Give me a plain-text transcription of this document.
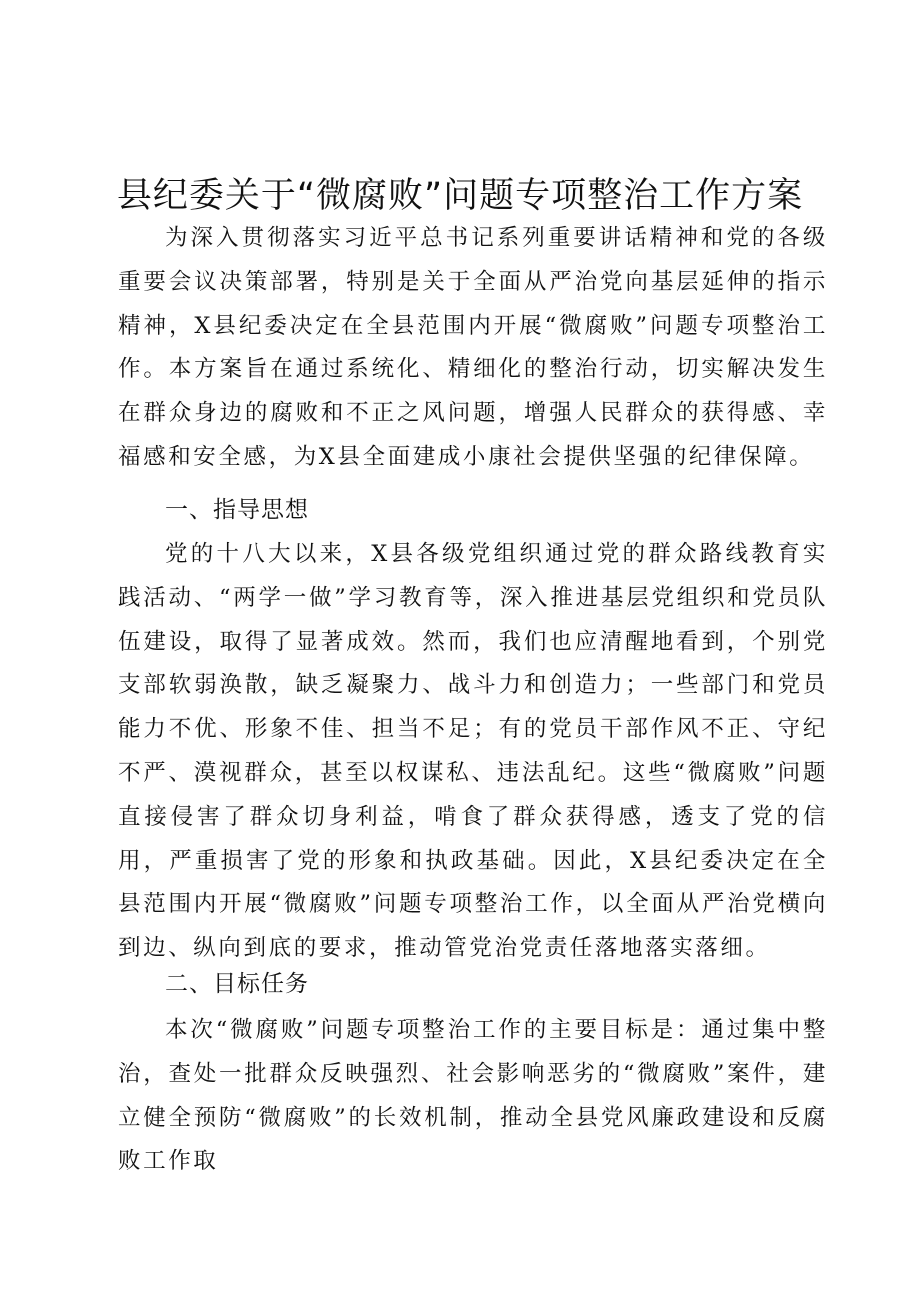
县纪委关于“微腐败”问题专项整治工作方案

为深入贯彻落实习近平总书记系列重要讲话精神和党的各级重要会议决策部署，特别是关于全面从严治党向基层延伸的指示精神，X县纪委决定在全县范围内开展“微腐败”问题专项整治工作。本方案旨在通过系统化、精细化的整治行动，切实解决发生在群众身边的腐败和不正之风问题，增强人民群众的获得感、幸福感和安全感，为X县全面建成小康社会提供坚强的纪律保障。

一、指导思想

党的十八大以来，X县各级党组织通过党的群众路线教育实践活动、“两学一做”学习教育等，深入推进基层党组织和党员队伍建设，取得了显著成效。然而，我们也应清醒地看到，个别党支部软弱涣散，缺乏凝聚力、战斗力和创造力；一些部门和党员能力不优、形象不佳、担当不足；有的党员干部作风不正、守纪不严、漠视群众，甚至以权谋私、违法乱纪。这些“微腐败”问题直接侵害了群众切身利益，啃食了群众获得感，透支了党的信用，严重损害了党的形象和执政基础。因此，X县纪委决定在全县范围内开展“微腐败”问题专项整治工作，以全面从严治党横向到边、纵向到底的要求，推动管党治党责任落地落实落细。

二、目标任务

本次“微腐败”问题专项整治工作的主要目标是：通过集中整治，查处一批群众反映强烈、社会影响恶劣的“微腐败”案件，建立健全预防“微腐败”的长效机制，推动全县党风廉政建设和反腐败工作取
